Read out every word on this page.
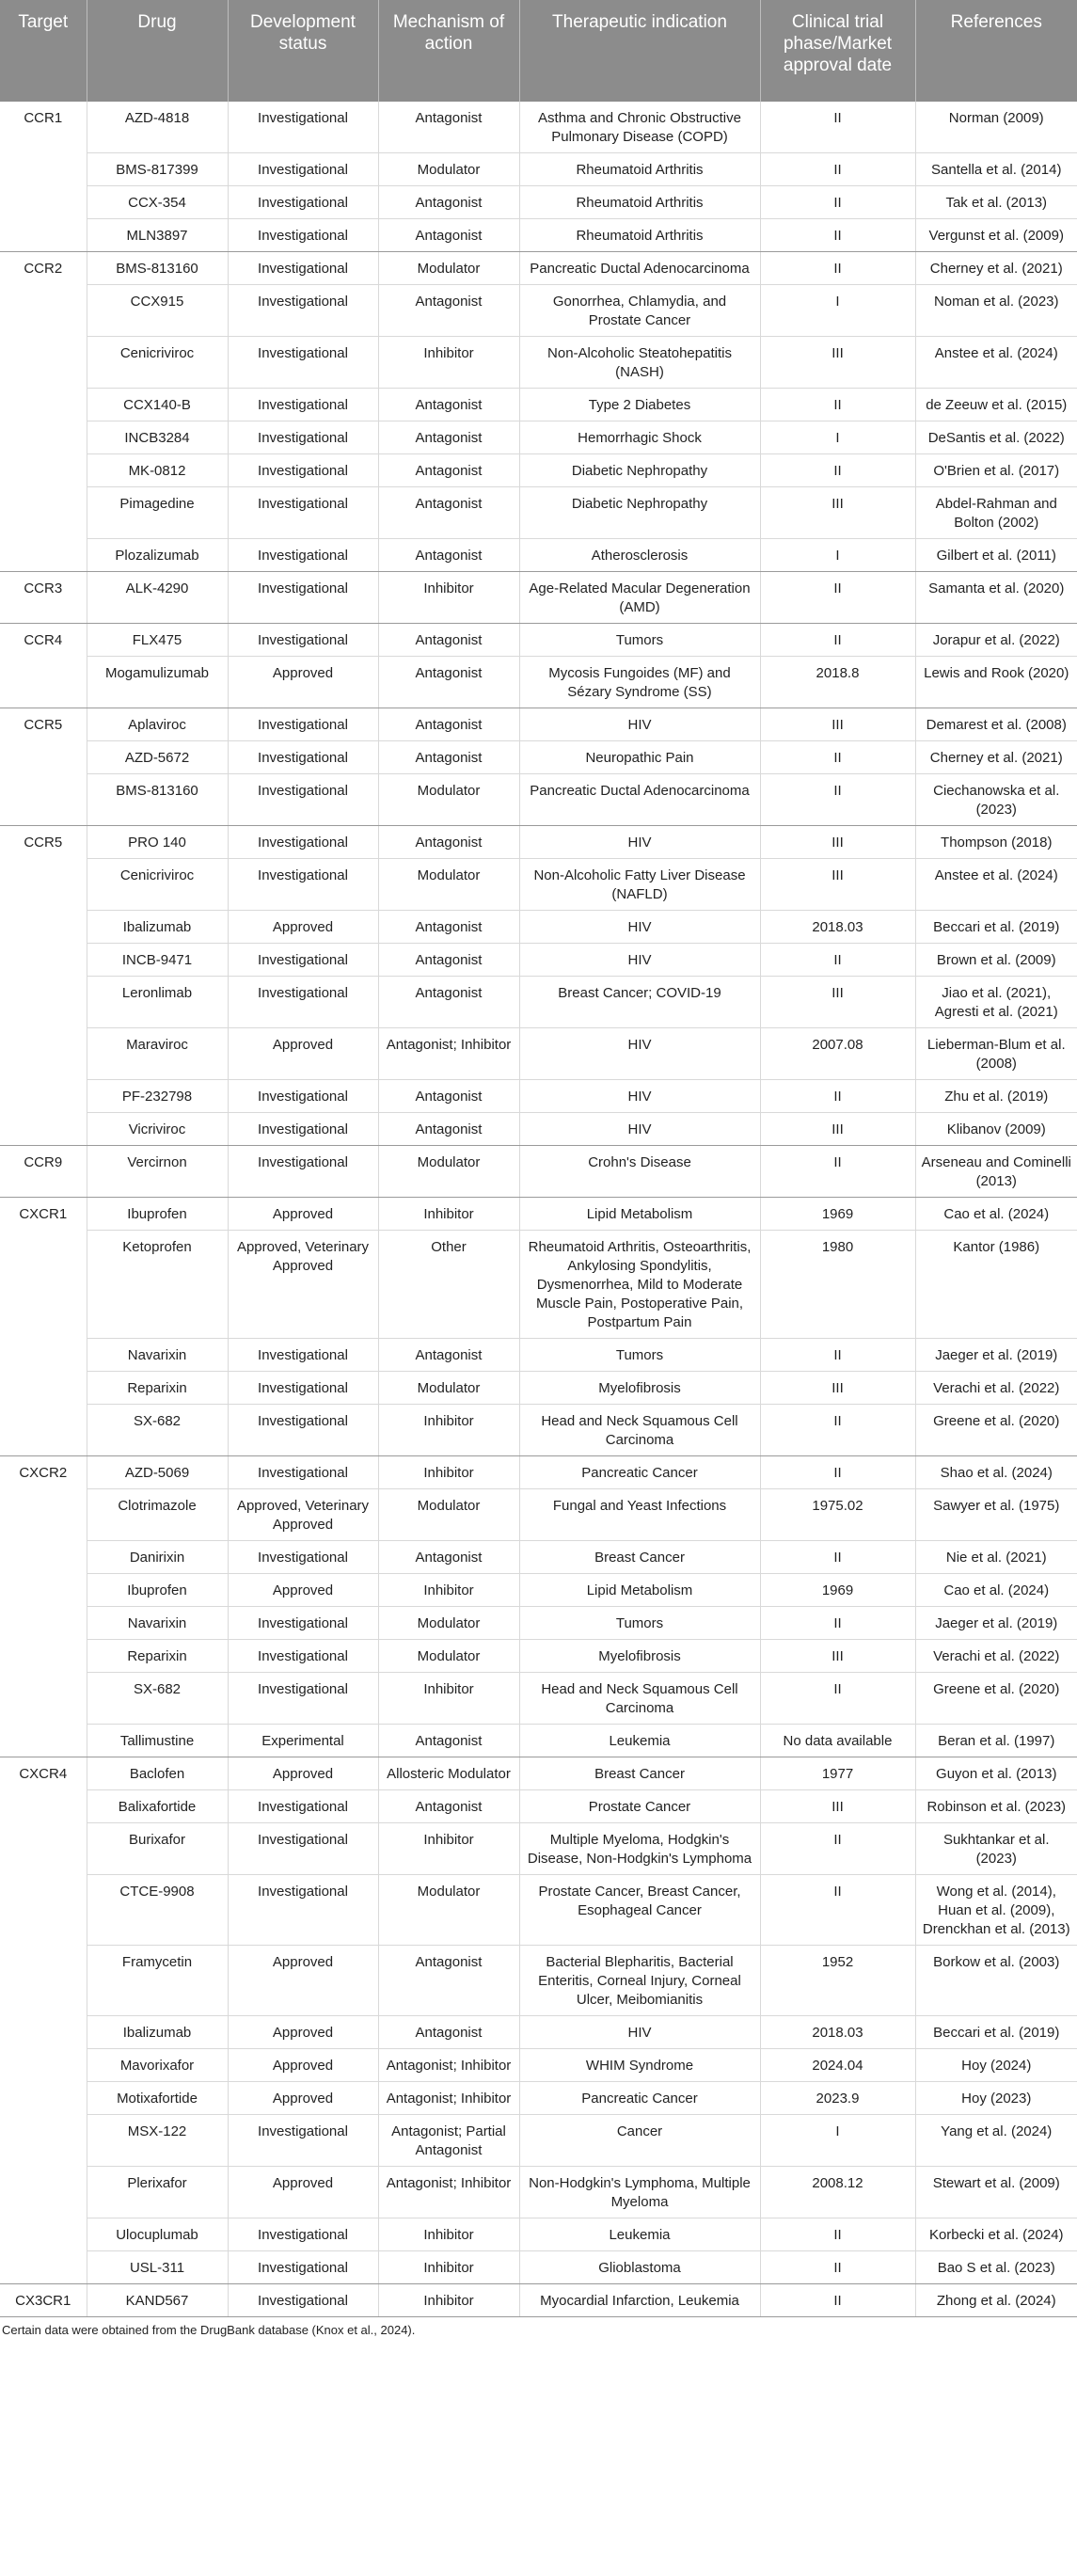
Target	Drug	Development status	Mechanism of action	Therapeutic indication	Clinical trial phase/Market approval date	References
CCR1	AZD-4818	Investigational	Antagonist	Asthma and Chronic Obstructive Pulmonary Disease (COPD)	II	Norman (2009)
	BMS-817399	Investigational	Modulator	Rheumatoid Arthritis	II	Santella et al. (2014)
	CCX-354	Investigational	Antagonist	Rheumatoid Arthritis	II	Tak et al. (2013)
	MLN3897	Investigational	Antagonist	Rheumatoid Arthritis	II	Vergunst et al. (2009)
CCR2	BMS-813160	Investigational	Modulator	Pancreatic Ductal Adenocarcinoma	II	Cherney et al. (2021)
	CCX915	Investigational	Antagonist	Gonorrhea, Chlamydia, and Prostate Cancer	I	Noman et al. (2023)
	Cenicriviroc	Investigational	Inhibitor	Non-Alcoholic Steatohepatitis (NASH)	III	Anstee et al. (2024)
	CCX140-B	Investigational	Antagonist	Type 2 Diabetes	II	de Zeeuw et al. (2015)
	INCB3284	Investigational	Antagonist	Hemorrhagic Shock	I	DeSantis et al. (2022)
	MK-0812	Investigational	Antagonist	Diabetic Nephropathy	II	O'Brien et al. (2017)
	Pimagedine	Investigational	Antagonist	Diabetic Nephropathy	III	Abdel-Rahman and Bolton (2002)
	Plozalizumab	Investigational	Antagonist	Atherosclerosis	I	Gilbert et al. (2011)
CCR3	ALK-4290	Investigational	Inhibitor	Age-Related Macular Degeneration (AMD)	II	Samanta et al. (2020)
CCR4	FLX475	Investigational	Antagonist	Tumors	II	Jorapur et al. (2022)
	Mogamulizumab	Approved	Antagonist	Mycosis Fungoides (MF) and Sézary Syndrome (SS)	2018.8	Lewis and Rook (2020)
CCR5	Aplaviroc	Investigational	Antagonist	HIV	III	Demarest et al. (2008)
	AZD-5672	Investigational	Antagonist	Neuropathic Pain	II	Cherney et al. (2021)
	BMS-813160	Investigational	Modulator	Pancreatic Ductal Adenocarcinoma	II	Ciechanowska et al. (2023)
CCR5	PRO 140	Investigational	Antagonist	HIV	III	Thompson (2018)
	Cenicriviroc	Investigational	Modulator	Non-Alcoholic Fatty Liver Disease (NAFLD)	III	Anstee et al. (2024)
	Ibalizumab	Approved	Antagonist	HIV	2018.03	Beccari et al. (2019)
	INCB-9471	Investigational	Antagonist	HIV	II	Brown et al. (2009)
	Leronlimab	Investigational	Antagonist	Breast Cancer; COVID-19	III	Jiao et al. (2021), Agresti et al. (2021)
	Maraviroc	Approved	Antagonist; Inhibitor	HIV	2007.08	Lieberman-Blum et al. (2008)
	PF-232798	Investigational	Antagonist	HIV	II	Zhu et al. (2019)
	Vicriviroc	Investigational	Antagonist	HIV	III	Klibanov (2009)
CCR9	Vercirnon	Investigational	Modulator	Crohn's Disease	II	Arseneau and Cominelli (2013)
CXCR1	Ibuprofen	Approved	Inhibitor	Lipid Metabolism	1969	Cao et al. (2024)
	Ketoprofen	Approved, Veterinary Approved	Other	Rheumatoid Arthritis, Osteoarthritis, Ankylosing Spondylitis, Dysmenorrhea, Mild to Moderate Muscle Pain, Postoperative Pain, Postpartum Pain	1980	Kantor (1986)
	Navarixin	Investigational	Antagonist	Tumors	II	Jaeger et al. (2019)
	Reparixin	Investigational	Modulator	Myelofibrosis	III	Verachi et al. (2022)
	SX-682	Investigational	Inhibitor	Head and Neck Squamous Cell Carcinoma	II	Greene et al. (2020)
CXCR2	AZD-5069	Investigational	Inhibitor	Pancreatic Cancer	II	Shao et al. (2024)
	Clotrimazole	Approved, Veterinary Approved	Modulator	Fungal and Yeast Infections	1975.02	Sawyer et al. (1975)
	Danirixin	Investigational	Antagonist	Breast Cancer	II	Nie et al. (2021)
	Ibuprofen	Approved	Inhibitor	Lipid Metabolism	1969	Cao et al. (2024)
	Navarixin	Investigational	Modulator	Tumors	II	Jaeger et al. (2019)
	Reparixin	Investigational	Modulator	Myelofibrosis	III	Verachi et al. (2022)
	SX-682	Investigational	Inhibitor	Head and Neck Squamous Cell Carcinoma	II	Greene et al. (2020)
	Tallimustine	Experimental	Antagonist	Leukemia	No data available	Beran et al. (1997)
CXCR4	Baclofen	Approved	Allosteric Modulator	Breast Cancer	1977	Guyon et al. (2013)
	Balixafortide	Investigational	Antagonist	Prostate Cancer	III	Robinson et al. (2023)
	Burixafor	Investigational	Inhibitor	Multiple Myeloma, Hodgkin's Disease, Non-Hodgkin's Lymphoma	II	Sukhtankar et al. (2023)
	CTCE-9908	Investigational	Modulator	Prostate Cancer, Breast Cancer, Esophageal Cancer	II	Wong et al. (2014), Huan et al. (2009), Drenckhan et al. (2013)
	Framycetin	Approved	Antagonist	Bacterial Blepharitis, Bacterial Enteritis, Corneal Injury, Corneal Ulcer, Meibomianitis	1952	Borkow et al. (2003)
	Ibalizumab	Approved	Antagonist	HIV	2018.03	Beccari et al. (2019)
	Mavorixafor	Approved	Antagonist; Inhibitor	WHIM Syndrome	2024.04	Hoy (2024)
	Motixafortide	Approved	Antagonist; Inhibitor	Pancreatic Cancer	2023.9	Hoy (2023)
	MSX-122	Investigational	Antagonist; Partial Antagonist	Cancer	I	Yang et al. (2024)
	Plerixafor	Approved	Antagonist; Inhibitor	Non-Hodgkin's Lymphoma, Multiple Myeloma	2008.12	Stewart et al. (2009)
	Ulocuplumab	Investigational	Inhibitor	Leukemia	II	Korbecki et al. (2024)
	USL-311	Investigational	Inhibitor	Glioblastoma	II	Bao S et al. (2023)
CX3CR1	KAND567	Investigational	Inhibitor	Myocardial Infarction, Leukemia	II	Zhong et al. (2024)
Certain data were obtained from the DrugBank database (Knox et al., 2024).
